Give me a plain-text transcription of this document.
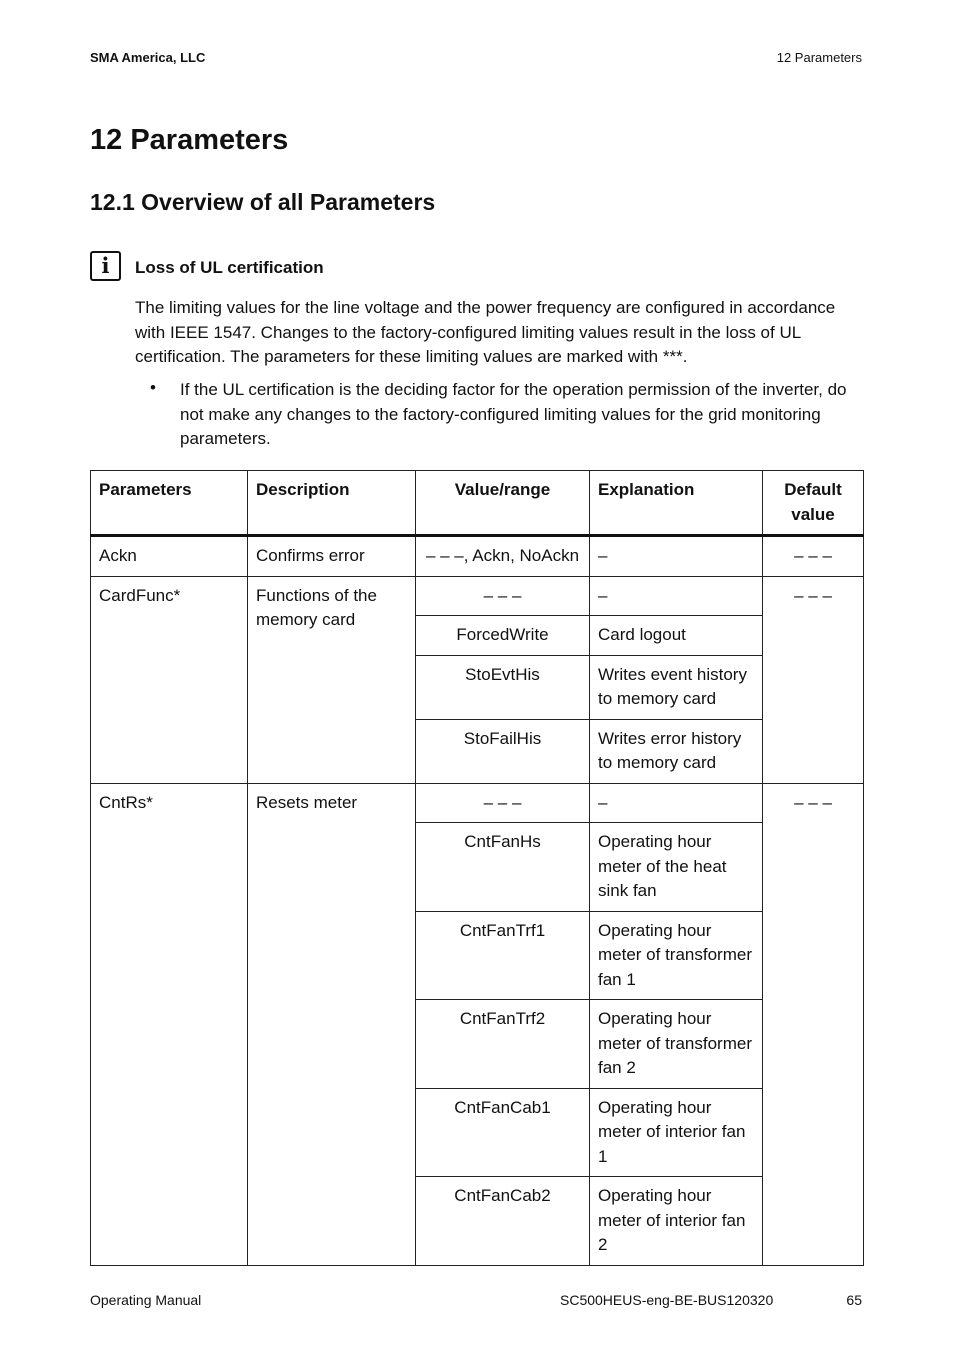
SMA America, LLC	12 Parameters
12 Parameters
12.1 Overview of all Parameters
i	Loss of UL certification
The limiting values for the line voltage and the power frequency are configured in accordance with IEEE 1547. Changes to the factory-configured limiting values result in the loss of UL certification. The parameters for these limiting values are marked with ***.
• If the UL certification is the deciding factor for the operation permission of the inverter, do not make any changes to the factory-configured limiting values for the grid monitoring parameters.
Parameters	Description	Value/range	Explanation	Default value
Ackn	Confirms error	– – –, Ackn, NoAckn	–	– – –
CardFunc*	Functions of the memory card	– – –	–	– – –
		ForcedWrite	Card logout	
		StoEvtHis	Writes event history to memory card	
		StoFailHis	Writes error history to memory card	
CntRs*	Resets meter	– – –	–	– – –
		CntFanHs	Operating hour meter of the heat sink fan	
		CntFanTrf1	Operating hour meter of transformer fan 1	
		CntFanTrf2	Operating hour meter of transformer fan 2	
		CntFanCab1	Operating hour meter of interior fan 1	
		CntFanCab2	Operating hour meter of interior fan 2	
Operating Manual	SC500HEUS-eng-BE-BUS120320	65
